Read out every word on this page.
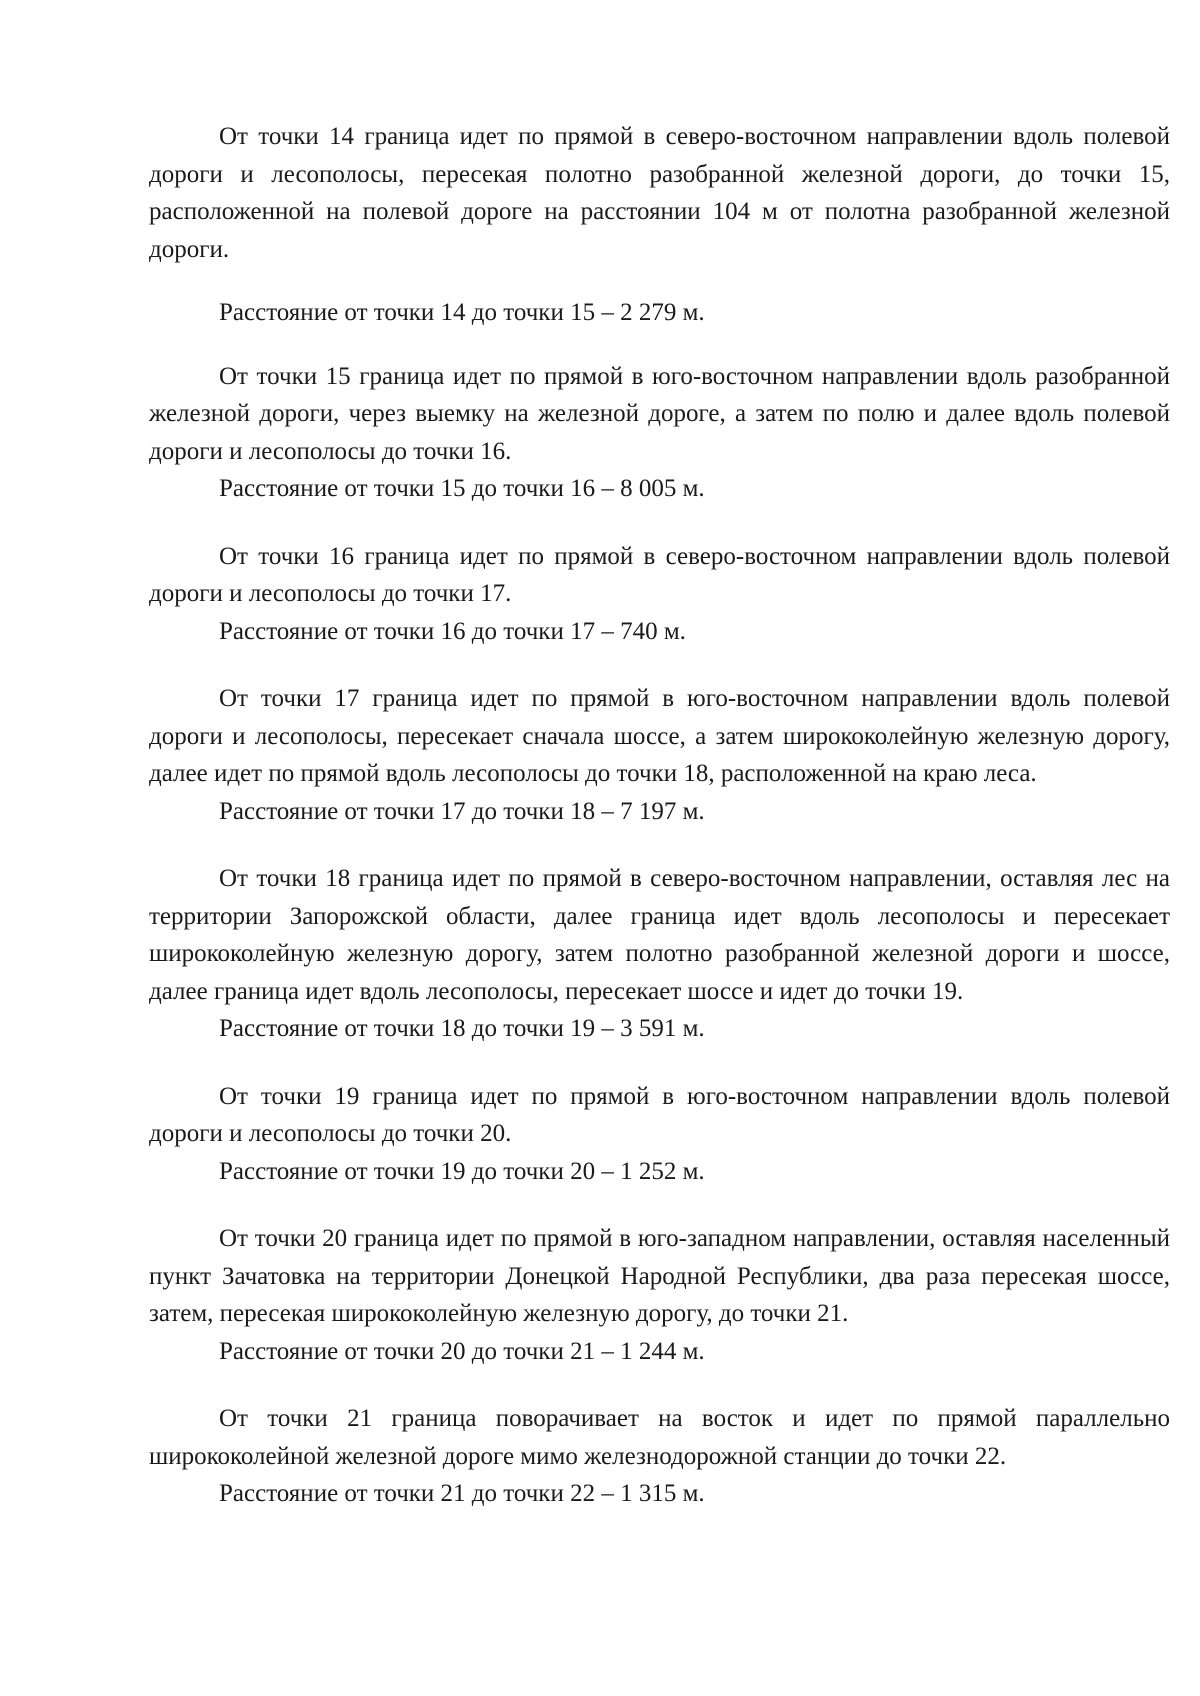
От точки 14 граница идет по прямой в северо-восточном направлении вдоль полевой дороги и лесополосы, пересекая полотно разобранной железной дороги, до точки 15, расположенной на полевой дороге на расстоянии 104 м от полотна разобранной железной дороги.

Расстояние от точки 14 до точки 15 – 2 279 м.

От точки 15 граница идет по прямой в юго-восточном направлении вдоль разобранной железной дороги, через выемку на железной дороге, а затем по полю и далее вдоль полевой дороги и лесополосы до точки 16.

Расстояние от точки 15 до точки 16 – 8 005 м.

От точки 16 граница идет по прямой в северо-восточном направлении вдоль полевой дороги и лесополосы до точки 17.

Расстояние от точки 16 до точки 17 – 740 м.

От точки 17 граница идет по прямой в юго-восточном направлении вдоль полевой дороги и лесополосы, пересекает сначала шоссе, а затем ширококолейную железную дорогу, далее идет по прямой вдоль лесополосы до точки 18, расположенной на краю леса.

Расстояние от точки 17 до точки 18 – 7 197 м.

От точки 18 граница идет по прямой в северо-восточном направлении, оставляя лес на территории Запорожской области, далее граница идет вдоль лесополосы и пересекает ширококолейную железную дорогу, затем полотно разобранной железной дороги и шоссе, далее граница идет вдоль лесополосы, пересекает шоссе и идет до точки 19.

Расстояние от точки 18 до точки 19 – 3 591 м.

От точки 19 граница идет по прямой в юго-восточном направлении вдоль полевой дороги и лесополосы до точки 20.

Расстояние от точки 19 до точки 20 – 1 252 м.

От точки 20 граница идет по прямой в юго-западном направлении, оставляя населенный пункт Зачатовка на территории Донецкой Народной Республики, два раза пересекая шоссе, затем, пересекая ширококолейную железную дорогу, до точки 21.

Расстояние от точки 20 до точки 21 – 1 244 м.

От точки 21 граница поворачивает на восток и идет по прямой параллельно ширококолейной железной дороге мимо железнодорожной станции до точки 22.

Расстояние от точки 21 до точки 22 – 1 315 м.
